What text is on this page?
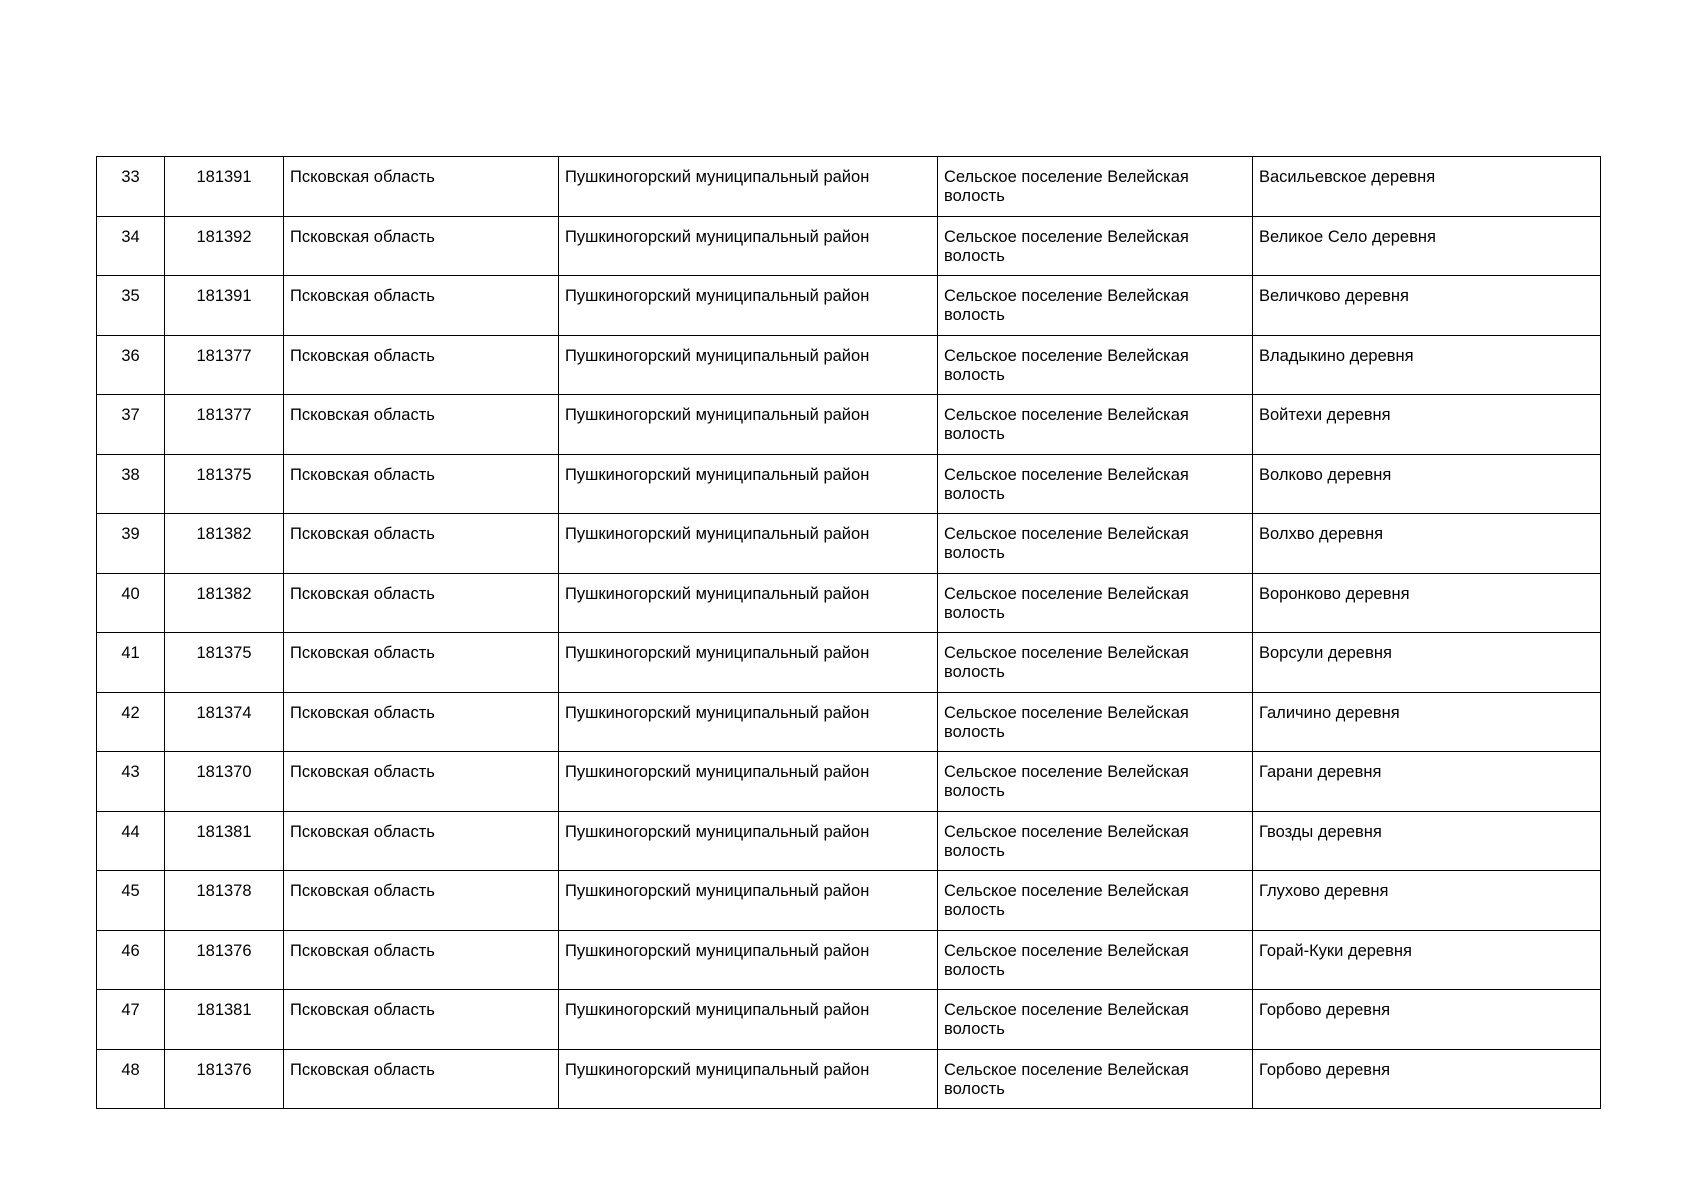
33	181391	Псковская область	Пушкиногорский муниципальный район	Сельское поселение Велейская волость	Васильевское деревня
34	181392	Псковская область	Пушкиногорский муниципальный район	Сельское поселение Велейская волость	Великое Село деревня
35	181391	Псковская область	Пушкиногорский муниципальный район	Сельское поселение Велейская волость	Величково деревня
36	181377	Псковская область	Пушкиногорский муниципальный район	Сельское поселение Велейская волость	Владыкино деревня
37	181377	Псковская область	Пушкиногорский муниципальный район	Сельское поселение Велейская волость	Войтехи деревня
38	181375	Псковская область	Пушкиногорский муниципальный район	Сельское поселение Велейская волость	Волково деревня
39	181382	Псковская область	Пушкиногорский муниципальный район	Сельское поселение Велейская волость	Волхво деревня
40	181382	Псковская область	Пушкиногорский муниципальный район	Сельское поселение Велейская волость	Воронково деревня
41	181375	Псковская область	Пушкиногорский муниципальный район	Сельское поселение Велейская волость	Ворсули деревня
42	181374	Псковская область	Пушкиногорский муниципальный район	Сельское поселение Велейская волость	Галичино деревня
43	181370	Псковская область	Пушкиногорский муниципальный район	Сельское поселение Велейская волость	Гарани деревня
44	181381	Псковская область	Пушкиногорский муниципальный район	Сельское поселение Велейская волость	Гвозды деревня
45	181378	Псковская область	Пушкиногорский муниципальный район	Сельское поселение Велейская волость	Глухово деревня
46	181376	Псковская область	Пушкиногорский муниципальный район	Сельское поселение Велейская волость	Горай-Куки деревня
47	181381	Псковская область	Пушкиногорский муниципальный район	Сельское поселение Велейская волость	Горбово деревня
48	181376	Псковская область	Пушкиногорский муниципальный район	Сельское поселение Велейская волость	Горбово деревня
